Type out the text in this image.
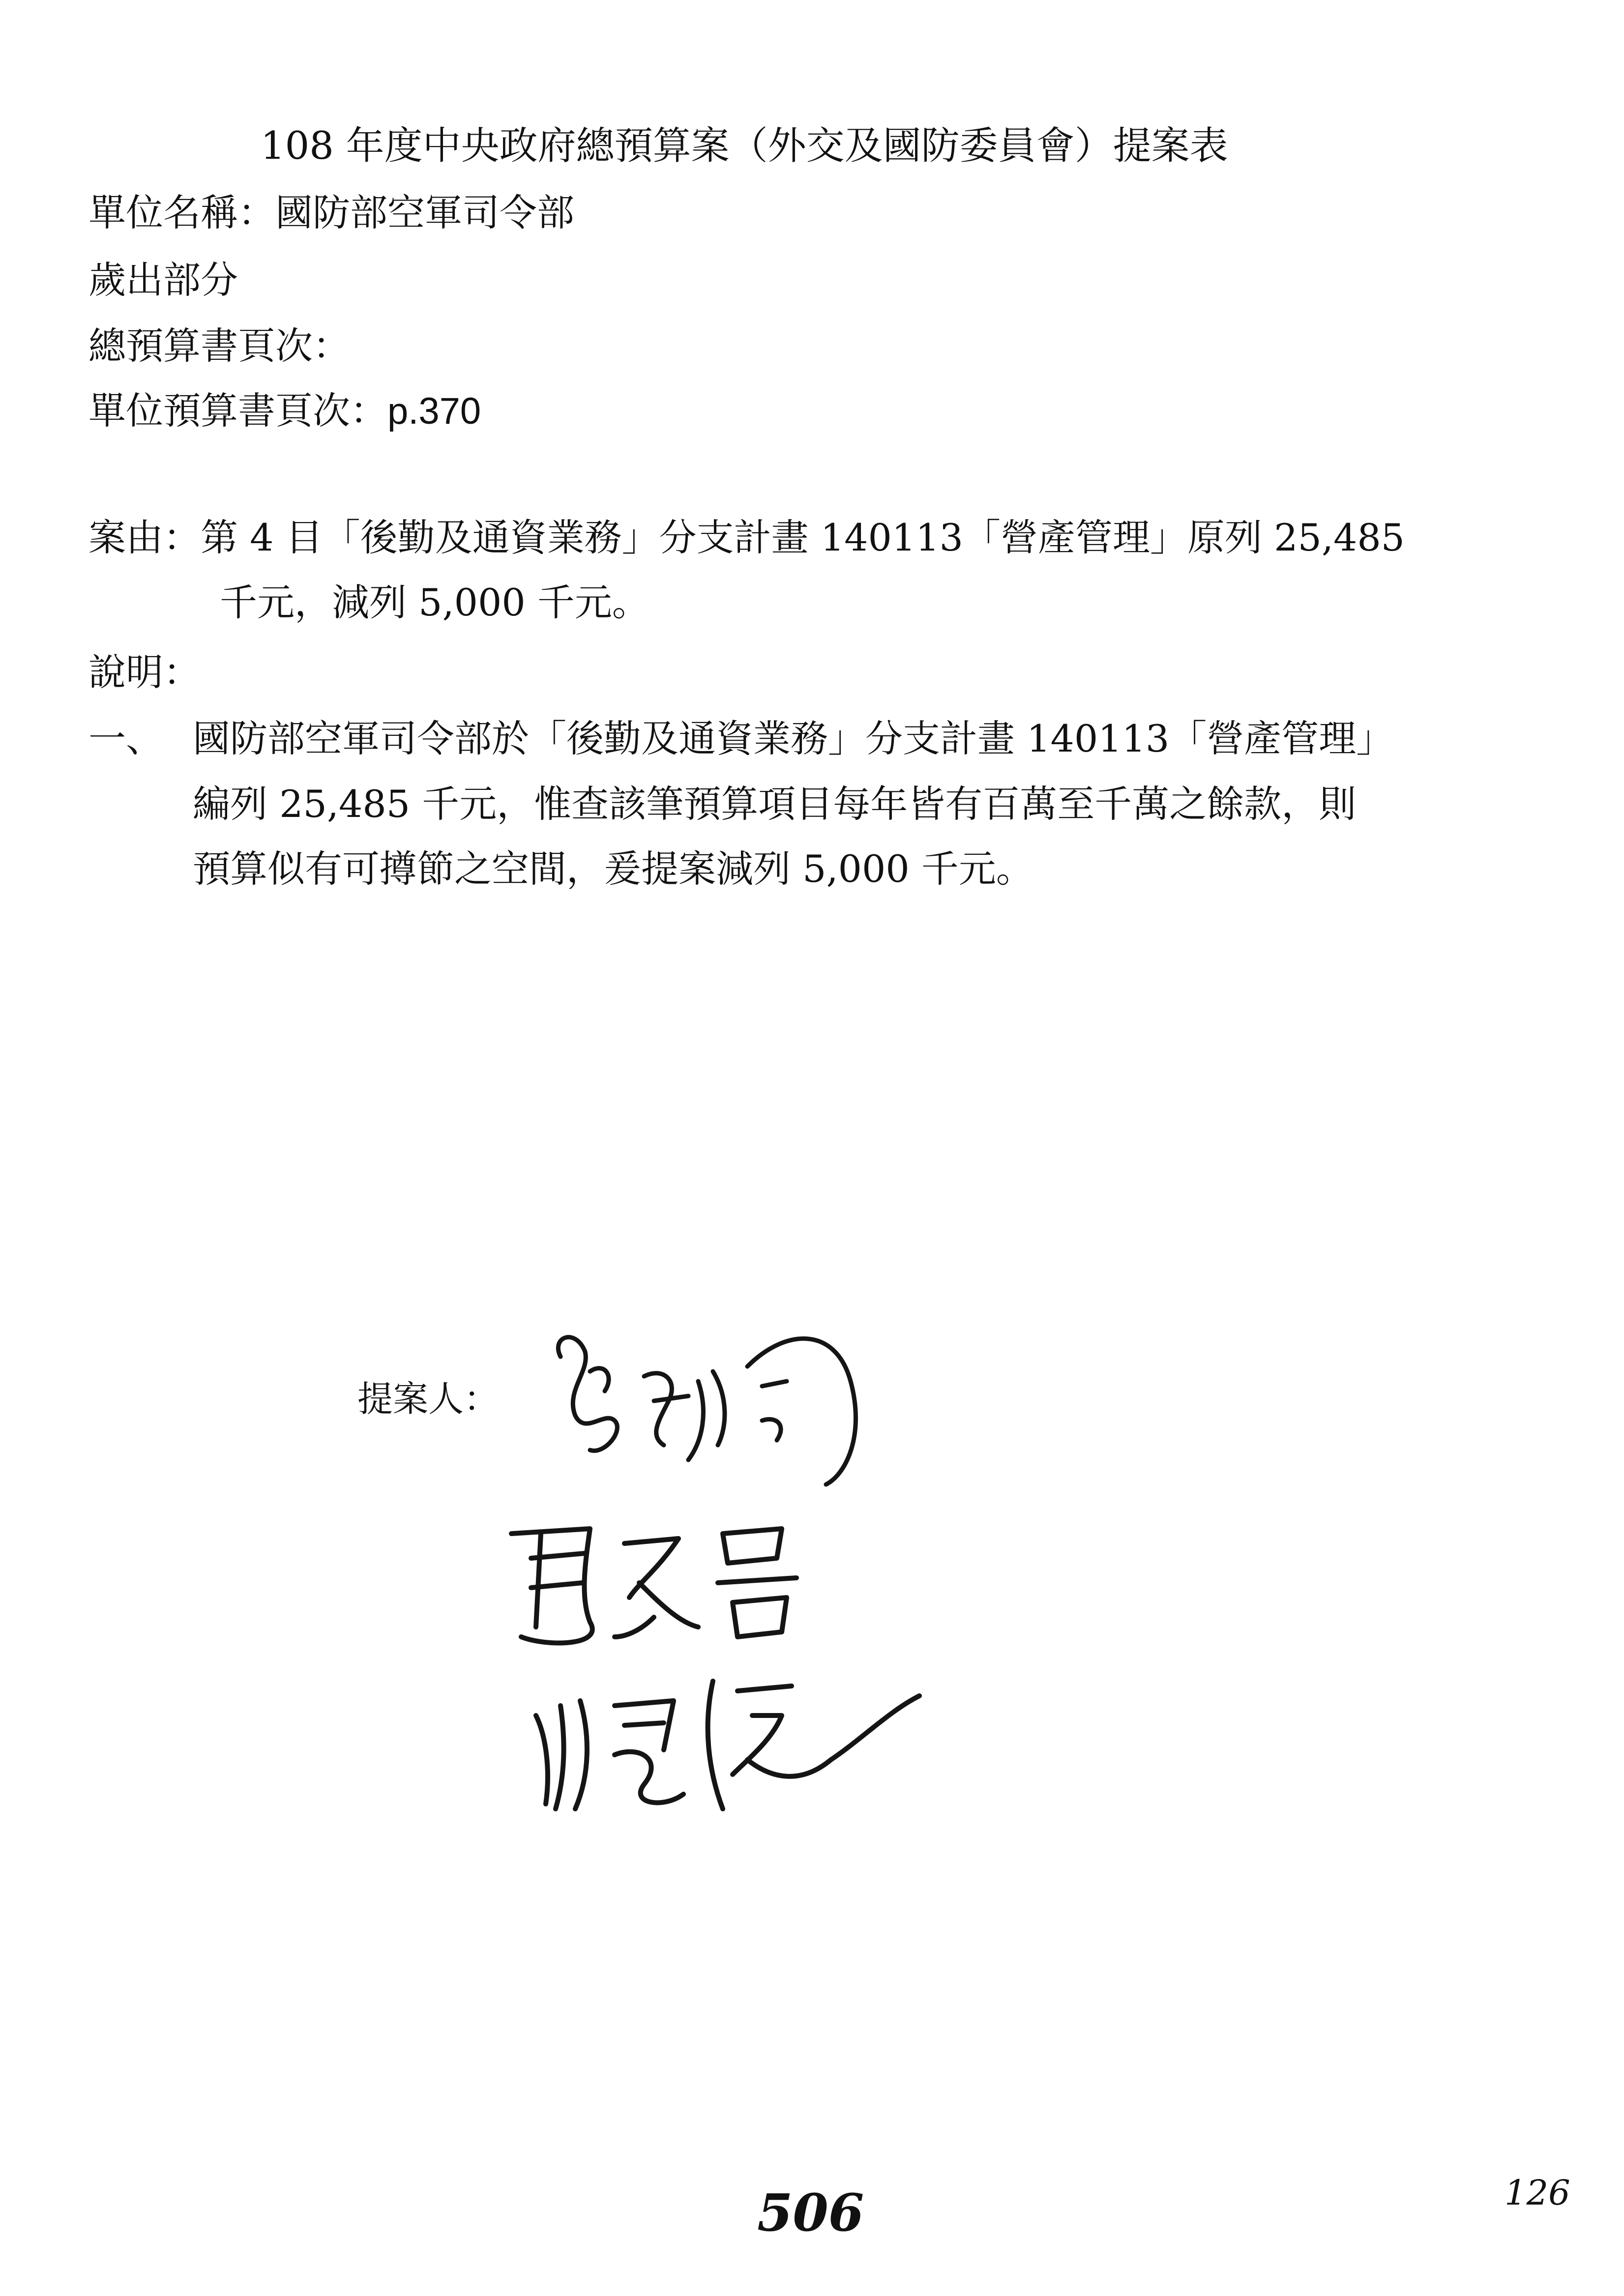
108 年度中央政府總預算案（外交及國防委員會）提案表
單位名稱：國防部空軍司令部
歲出部分
總預算書頁次：
單位預算書頁次：p.370
案由：第 4 目「後勤及通資業務」分支計畫 140113「營產管理」原列 25,485
千元，減列 5,000 千元。
說明：
一、 國防部空軍司令部於「後勤及通資業務」分支計畫 140113「營產管理」
編列 25,485 千元，惟查該筆預算項目每年皆有百萬至千萬之餘款，則
預算似有可撙節之空間，爰提案減列 5,000 千元。
提案人：
506	126
